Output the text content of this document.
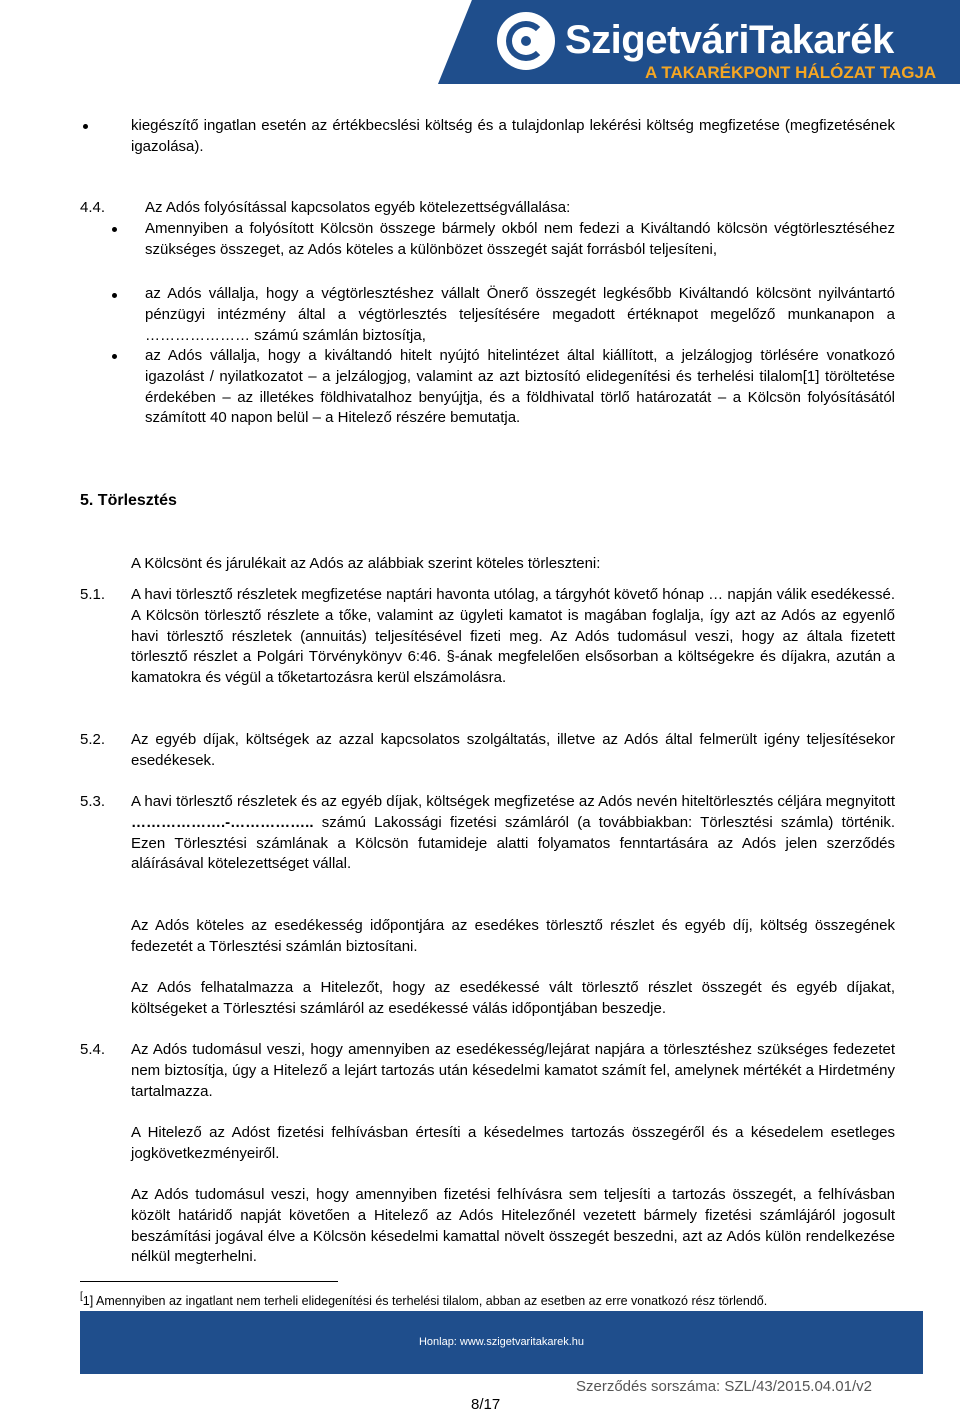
SzigetváriTakarék
A TAKARÉKPONT HÁLÓZAT TAGJA
kiegészítő ingatlan esetén az értékbecslési költség és a tulajdonlap lekérési költség megfizetése (megfizetésének igazolása).
4.4.	Az Adós folyósítással kapcsolatos egyéb kötelezettségvállalása:
Amennyiben a folyósított Kölcsön összege bármely okból nem fedezi a Kiváltandó kölcsön végtörlesztéséhez szükséges összeget, az Adós köteles a különbözet összegét saját forrásból teljesíteni,
az Adós vállalja, hogy a végtörlesztéshez vállalt Önerő összegét legkésőbb Kiváltandó kölcsönt nyilvántartó pénzügyi intézmény által a végtörlesztés teljesítésére megadott értéknapot megelőző munkanapon a ………………… számú számlán biztosítja,
az Adós vállalja, hogy a kiváltandó hitelt nyújtó hitelintézet által kiállított, a jelzálogjog törlésére vonatkozó igazolást / nyilatkozatot – a jelzálogjog, valamint az azt biztosító elidegenítési és terhelési tilalom[1] töröltetése érdekében – az illetékes földhivatalhoz benyújtja, és a földhivatal törlő határozatát – a Kölcsön folyósításától számított 40 napon belül – a Hitelező részére bemutatja.
5. Törlesztés
A Kölcsönt és járulékait az Adós az alábbiak szerint köteles törleszteni:
5.1. A havi törlesztő részletek megfizetése naptári havonta utólag, a tárgyhót követő hónap … napján válik esedékessé. A Kölcsön törlesztő részlete a tőke, valamint az ügyleti kamatot is magában foglalja, így azt az Adós az egyenlő havi törlesztő részletek (annuitás) teljesítésével fizeti meg. Az Adós tudomásul veszi, hogy az általa fizetett törlesztő részlet a Polgári Törvénykönyv 6:46. §-ának megfelelően elsősorban a költségekre és díjakra, azután a kamatokra és végül a tőketartozásra kerül elszámolásra.
5.2. Az egyéb díjak, költségek az azzal kapcsolatos szolgáltatás, illetve az Adós által felmerült igény teljesítésekor esedékesek.
5.3. A havi törlesztő részletek és az egyéb díjak, költségek megfizetése az Adós nevén hiteltörlesztés céljára megnyitott ……………….-…………….. számú Lakossági fizetési számláról (a továbbiakban: Törlesztési számla) történik. Ezen Törlesztési számlának a Kölcsön futamideje alatti folyamatos fenntartására az Adós jelen szerződés aláírásával kötelezettséget vállal.
Az Adós köteles az esedékesség időpontjára az esedékes törlesztő részlet és egyéb díj, költség összegének fedezetét a Törlesztési számlán biztosítani.
Az Adós felhatalmazza a Hitelezőt, hogy az esedékessé vált törlesztő részlet összegét és egyéb díjakat, költségeket a Törlesztési számláról az esedékessé válás időpontjában beszedje.
5.4. Az Adós tudomásul veszi, hogy amennyiben az esedékesség/lejárat napjára a törlesztéshez szükséges fedezetet nem biztosítja, úgy a Hitelező a lejárt tartozás után késedelmi kamatot számít fel, amelynek mértékét a Hirdetmény tartalmazza.
A Hitelező az Adóst fizetési felhívásban értesíti a késedelmes tartozás összegéről és a késedelem esetleges jogkövetkezményeiről.
Az Adós tudomásul veszi, hogy amennyiben fizetési felhívásra sem teljesíti a tartozás összegét, a felhívásban közölt határidő napját követően a Hitelező az Adós Hitelezőnél vezetett bármely fizetési számlájáról jogosult beszámítási jogával élve a Kölcsön késedelmi kamattal növelt összegét beszedni, azt az Adós külön rendelkezése nélkül megterhelni.
[1] Amennyiben az ingatlant nem terheli elidegenítési és terhelési tilalom, abban az esetben az erre vonatkozó rész törlendő.
Honlap: www.szigetvaritakarek.hu
Szerződés sorszáma: SZL/43/2015.04.01/v2
8/17
